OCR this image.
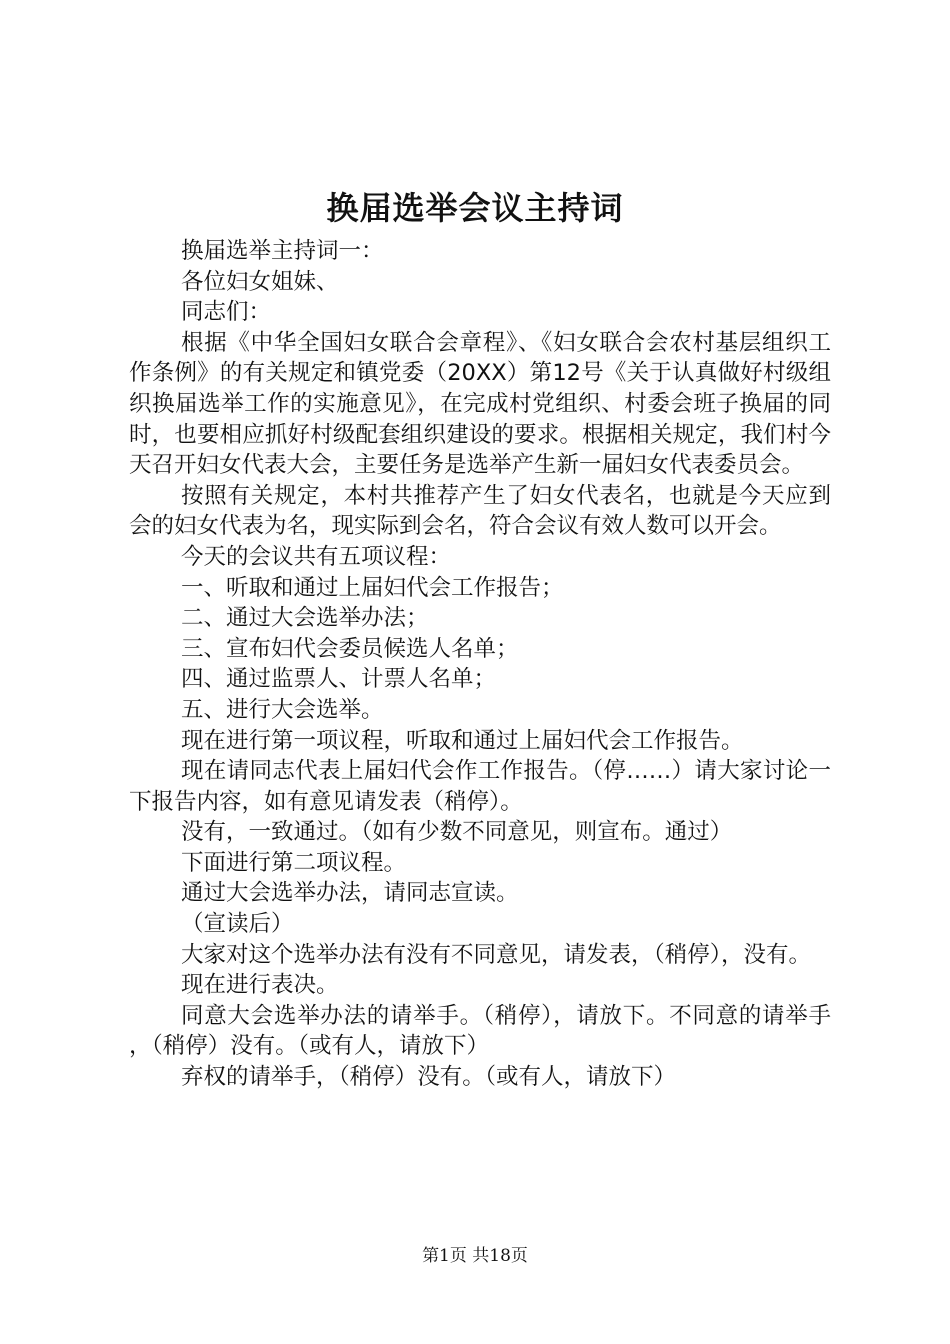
换届选举会议主持词

换届选举主持词一：

各位妇女姐妹、

同志们：

根据《中华全国妇女联合会章程》、《妇女联合会农村基层组织工作条例》的有关规定和镇党委（20XX）第12号《关于认真做好村级组织换届选举工作的实施意见》，在完成村党组织、村委会班子换届的同时，也要相应抓好村级配套组织建设的要求。根据相关规定，我们村今天召开妇女代表大会，主要任务是选举产生新一届妇女代表委员会。

按照有关规定，本村共推荐产生了妇女代表名，也就是今天应到会的妇女代表为名，现实际到会名，符合会议有效人数可以开会。

今天的会议共有五项议程：

一、听取和通过上届妇代会工作报告；

二、通过大会选举办法；

三、宣布妇代会委员候选人名单；

四、通过监票人、计票人名单；

五、进行大会选举。

现在进行第一项议程，听取和通过上届妇代会工作报告。

现在请同志代表上届妇代会作工作报告。（停……）请大家讨论一下报告内容，如有意见请发表（稍停）。

没有，一致通过。（如有少数不同意见，则宣布。通过）

下面进行第二项议程。

通过大会选举办法，请同志宣读。

（宣读后）

大家对这个选举办法有没有不同意见，请发表，（稍停），没有。

现在进行表决。

同意大会选举办法的请举手。（稍停），请放下。不同意的请举手，（稍停）没有。（或有人，请放下）

弃权的请举手，（稍停）没有。（或有人，请放下）

第1页 共18页
